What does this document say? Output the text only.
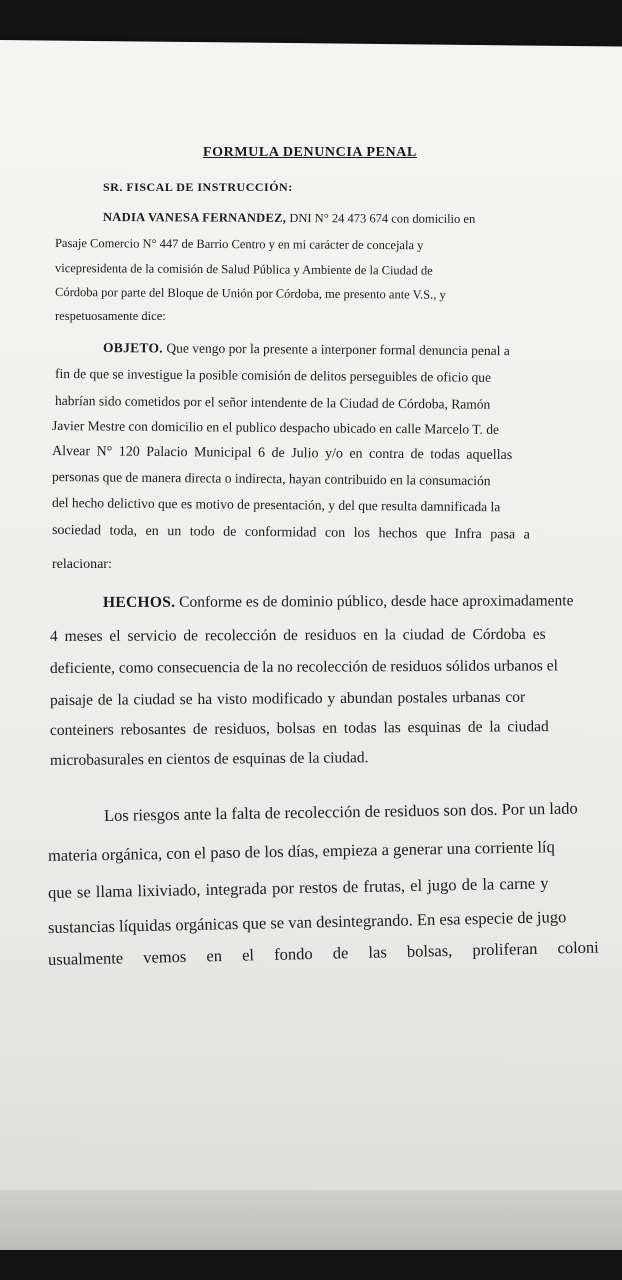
FORMULA DENUNCIA PENAL
SR. FISCAL DE INSTRUCCIÓN:
NADIA VANESA FERNANDEZ, DNI N° 24 473 674 con domicilio en
Pasaje Comercio N° 447 de Barrio Centro y en mi carácter de concejala y
vicepresidenta de la comisión de Salud Pública y Ambiente de la Ciudad de
Córdoba por parte del Bloque de Unión por Córdoba, me presento ante V.S., y
respetuosamente dice:
OBJETO. Que vengo por la presente a interponer formal denuncia penal a
fin de que se investigue la posible comisión de delitos perseguibles de oficio que
habrían sido cometidos por el señor intendente de la Ciudad de Córdoba, Ramón
Javier Mestre con domicilio en el publico despacho ubicado en calle Marcelo T. de
Alvear N° 120 Palacio Municipal 6 de Julio y/o en contra de todas aquellas
personas que de manera directa o indirecta, hayan contribuido en la consumación
del hecho delictivo que es motivo de presentación, y del que resulta damnificada la
sociedad toda, en un todo de conformidad con los hechos que Infra pasa a
relacionar:
HECHOS. Conforme es de dominio público, desde hace aproximadamente
4 meses el servicio de recolección de residuos en la ciudad de Córdoba es
deficiente, como consecuencia de la no recolección de residuos sólidos urbanos el
paisaje de la ciudad se ha visto modificado y abundan postales urbanas cor
conteiners rebosantes de residuos, bolsas en todas las esquinas de la ciudad
microbasurales en cientos de esquinas de la ciudad.
Los riesgos ante la falta de recolección de residuos son dos. Por un lado
materia orgánica, con el paso de los días, empieza a generar una corriente líq
que se llama lixiviado, integrada por restos de frutas, el jugo de la carne y
sustancias líquidas orgánicas que se van desintegrando. En esa especie de jugo
usualmente vemos en el fondo de las bolsas, proliferan coloni
